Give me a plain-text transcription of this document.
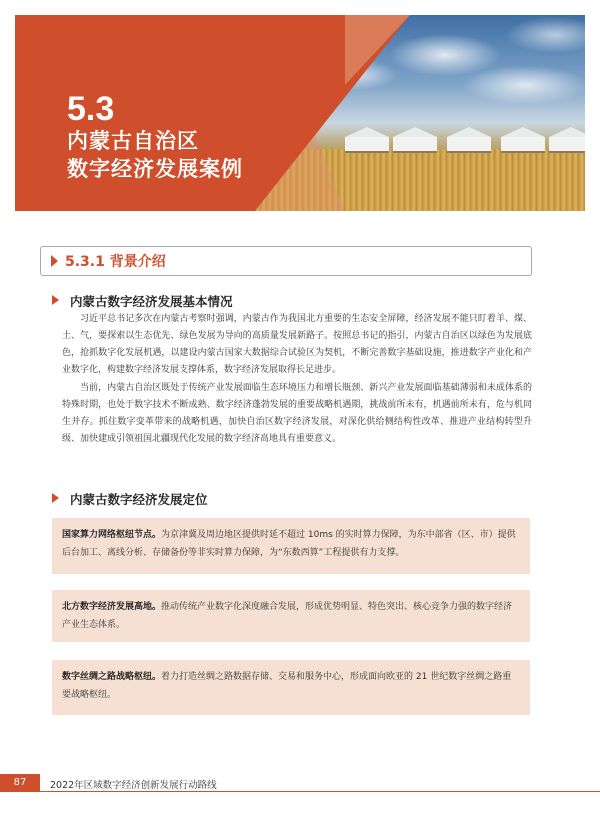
5.3
内蒙古自治区
数字经济发展案例
5.3.1 背景介绍
内蒙古数字经济发展基本情况
习近平总书记多次在内蒙古考察时强调，内蒙古作为我国北方重要的生态安全屏障，经济发展不能只盯着羊、煤、土、气，要探索以生态优先、绿色发展为导向的高质量发展新路子。按照总书记的指引，内蒙古自治区以绿色为发展底色，抢抓数字化发展机遇，以建设内蒙古国家大数据综合试验区为契机，不断完善数字基础设施，推进数字产业化和产业数字化，构建数字经济发展支撑体系，数字经济发展取得长足进步。
当前，内蒙古自治区既处于传统产业发展面临生态环境压力和增长瓶颈、新兴产业发展面临基础薄弱和未成体系的特殊时期，也处于数字技术不断成熟、数字经济蓬勃发展的重要战略机遇期，挑战前所未有，机遇前所未有，危与机同生并存。抓住数字变革带来的战略机遇，加快自治区数字经济发展，对深化供给侧结构性改革、推进产业结构转型升级、加快建成引领祖国北疆现代化发展的数字经济高地具有重要意义。
内蒙古数字经济发展定位
国家算力网络枢纽节点。为京津冀及周边地区提供时延不超过 10ms 的实时算力保障，为东中部省（区、市）提供后台加工、离线分析、存储备份等非实时算力保障，为“东数西算”工程提供有力支撑。
北方数字经济发展高地。推动传统产业数字化深度融合发展，形成优势明显、特色突出、核心竞争力强的数字经济产业生态体系。
数字丝绸之路战略枢纽。着力打造丝绸之路数据存储、交易和服务中心，形成面向欧亚的 21 世纪数字丝绸之路重要战略枢纽。
87	2022年区域数字经济创新发展行动路线
